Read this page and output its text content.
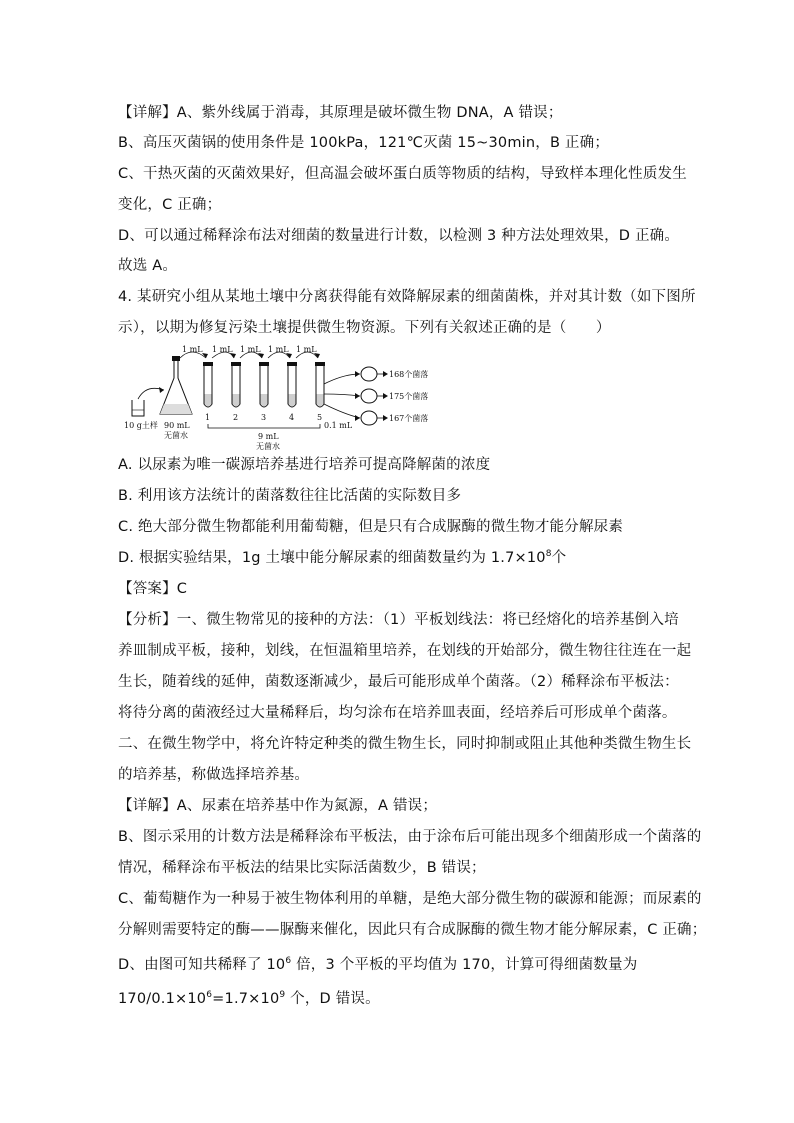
【详解】A、紫外线属于消毒，其原理是破坏微生物 DNA，A 错误；
B、高压灭菌锅的使用条件是 100kPa，121℃灭菌 15~30min，B 正确；
C、干热灭菌的灭菌效果好，但高温会破坏蛋白质等物质的结构，导致样本理化性质发生
变化，C 正确；
D、可以通过稀释涂布法对细菌的数量进行计数，以检测 3 种方法处理效果，D 正确。
故选 A。
4. 某研究小组从某地土壤中分离获得能有效降解尿素的细菌菌株，并对其计数（如下图所
示），以期为修复污染土壤提供微生物资源。下列有关叙述正确的是（　　）
1 mL 1 mL 1 mL 1 mL 1 mL
1	2	3	4	5
9 mL
无菌水
10 g土样 90 mL
无菌水
0.1 mL
168个菌落
175个菌落
167个菌落
A. 以尿素为唯一碳源培养基进行培养可提高降解菌的浓度
B. 利用该方法统计的菌落数往往比活菌的实际数目多
C. 绝大部分微生物都能利用葡萄糖，但是只有合成脲酶的微生物才能分解尿素
D. 根据实验结果，1g 土壤中能分解尿素的细菌数量约为 $1.7\times 10^8$个
【答案】C
【分析】一、微生物常见的接种的方法：（1）平板划线法：将已经熔化的培养基倒入培
养皿制成平板，接种，划线，在恒温箱里培养，在划线的开始部分，微生物往往连在一起
生长，随着线的延伸，菌数逐渐减少，最后可能形成单个菌落。（2）稀释涂布平板法：
将待分离的菌液经过大量稀释后，均匀涂布在培养皿表面，经培养后可形成单个菌落。
二、在微生物学中，将允许特定种类的微生物生长，同时抑制或阻止其他种类微生物生长
的培养基，称做选择培养基。
【详解】A、尿素在培养基中作为氮源，A 错误；
B、图示采用的计数方法是稀释涂布平板法，由于涂布后可能出现多个细菌形成一个菌落的
情况，稀释涂布平板法的结果比实际活菌数少，B 错误；
C、葡萄糖作为一种易于被生物体利用的单糖，是绝大部分微生物的碳源和能源；而尿素的
分解则需要特定的酶——脲酶来催化，因此只有合成脲酶的微生物才能分解尿素，C 正确；
D、由图可知共稀释了 $10^6$ 倍，3 个平板的平均值为 170，计算可得细菌数量为
$170/0.1\times 10^6=1.7\times 10^9$ 个，D 错误。
